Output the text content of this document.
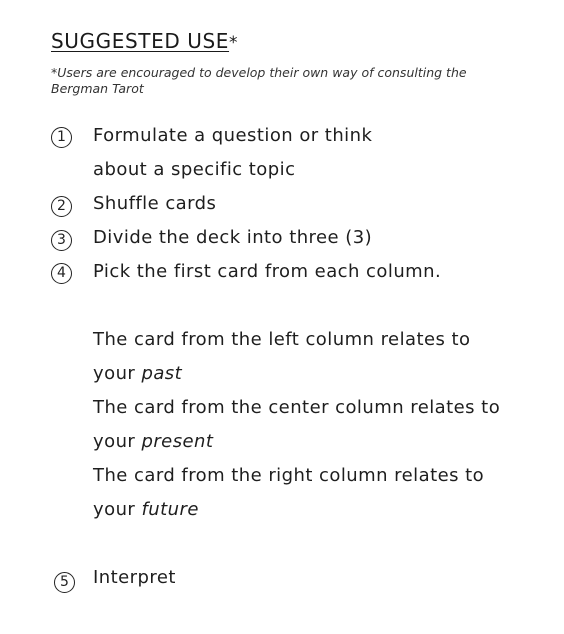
SUGGESTED USE*
*Users are encouraged to develop their own way of consulting the Bergman Tarot
1	Formulate a question or think
about a specific topic
2	Shuffle cards
3	Divide the deck into three (3)
4	Pick the first card from each column.
The card from the left column relates to
your past
The card from the center column relates to
your present
The card from the right column relates to
your future
5	Interpret
